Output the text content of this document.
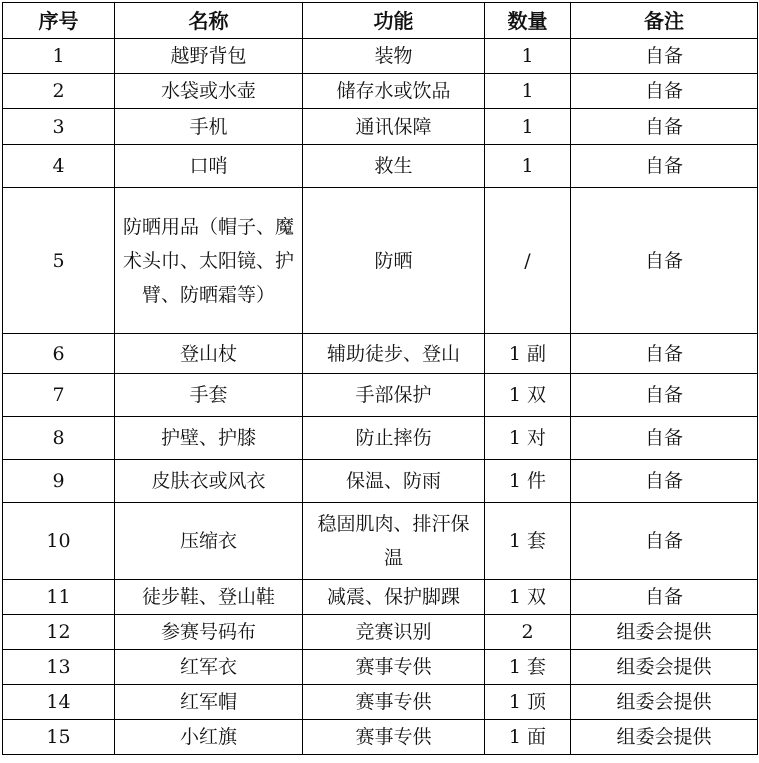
序号	名称	功能	数量	备注
1	越野背包	装物	1	自备
2	水袋或水壶	储存水或饮品	1	自备
3	手机	通讯保障	1	自备
4	口哨	救生	1	自备
5	防晒用品（帽子、魔术头巾、太阳镜、护臂、防晒霜等）	防晒	/	自备
6	登山杖	辅助徒步、登山	1 副	自备
7	手套	手部保护	1 双	自备
8	护壁、护膝	防止摔伤	1 对	自备
9	皮肤衣或风衣	保温、防雨	1 件	自备
10	压缩衣	稳固肌肉、排汗保温	1 套	自备
11	徒步鞋、登山鞋	减震、保护脚踝	1 双	自备
12	参赛号码布	竞赛识别	2	组委会提供
13	红军衣	赛事专供	1 套	组委会提供
14	红军帽	赛事专供	1 顶	组委会提供
15	小红旗	赛事专供	1 面	组委会提供
